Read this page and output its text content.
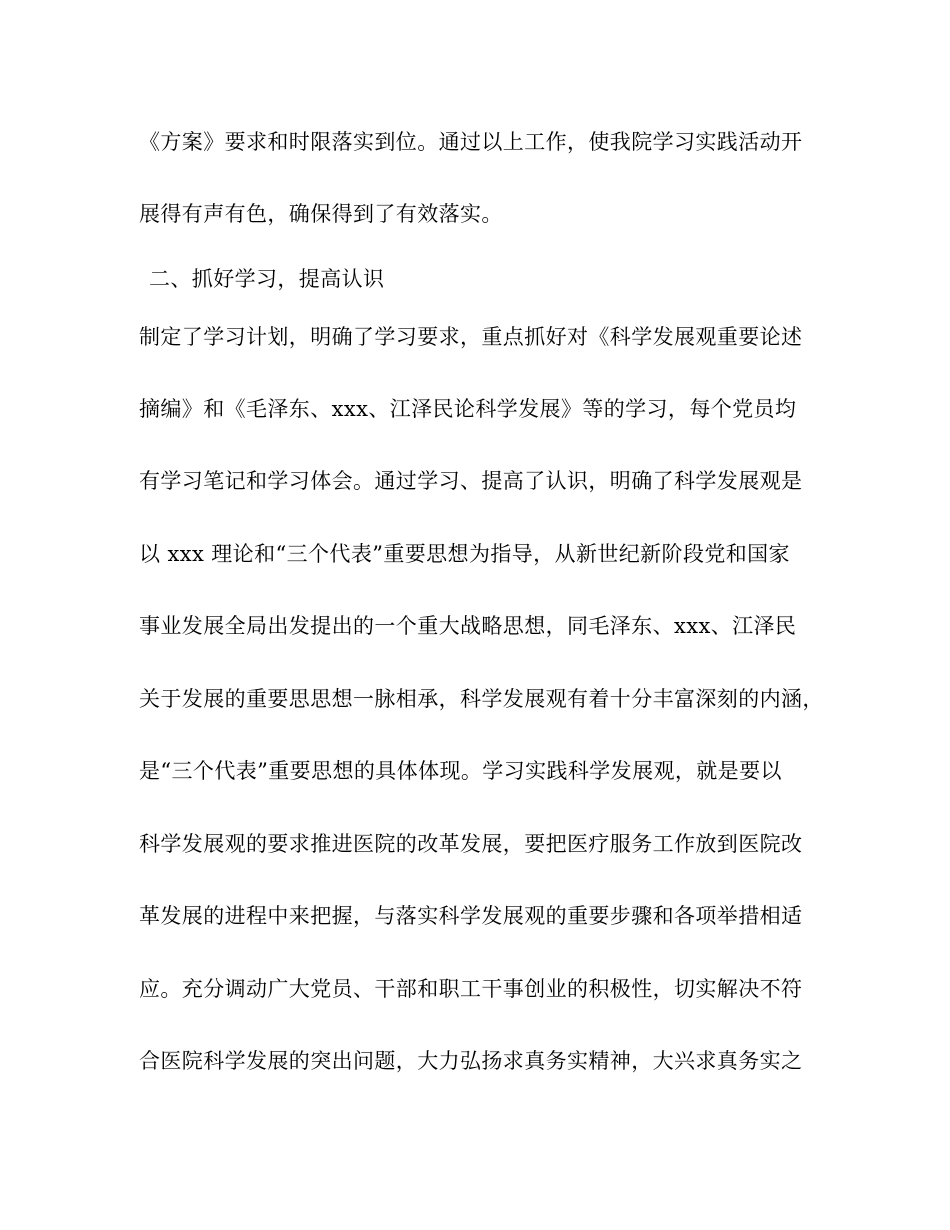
《方案》要求和时限落实到位。通过以上工作，使我院学习实践活动开
展得有声有色，确保得到了有效落实。
二、抓好学习，提高认识
制定了学习计划，明确了学习要求，重点抓好对《科学发展观重要论述
摘编》和《毛泽东、xxx、江泽民论科学发展》等的学习，每个党员均
有学习笔记和学习体会。通过学习、提高了认识，明确了科学发展观是
以 xxx 理论和“三个代表”重要思想为指导，从新世纪新阶段党和国家
事业发展全局出发提出的一个重大战略思想，同毛泽东、xxx、江泽民
关于发展的重要思思想一脉相承，科学发展观有着十分丰富深刻的内涵，
是“三个代表”重要思想的具体体现。学习实践科学发展观，就是要以
科学发展观的要求推进医院的改革发展，要把医疗服务工作放到医院改
革发展的进程中来把握，与落实科学发展观的重要步骤和各项举措相适
应。充分调动广大党员、干部和职工干事创业的积极性，切实解决不符
合医院科学发展的突出问题，大力弘扬求真务实精神，大兴求真务实之
